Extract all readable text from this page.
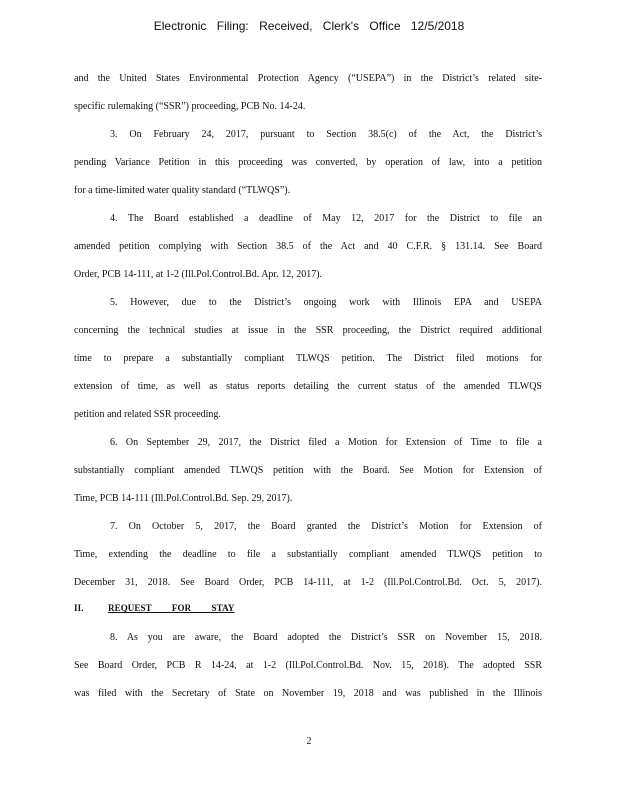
Electronic Filing: Received, Clerk's Office 12/5/2018
and the United States Environmental Protection Agency (“USEPA”) in the District’s related site-
specific rulemaking (“SSR”) proceeding, PCB No. 14-24.
3. On February 24, 2017, pursuant to Section 38.5(c) of the Act, the District’s
pending Variance Petition in this proceeding was converted, by operation of law, into a petition
for a time-limited water quality standard (“TLWQS”).
4. The Board established a deadline of May 12, 2017 for the District to file an
amended petition complying with Section 38.5 of the Act and 40 C.F.R. § 131.14. See Board
Order, PCB 14-111, at 1-2 (Ill.Pol.Control.Bd. Apr. 12, 2017).
5. However, due to the District’s ongoing work with Illinois EPA and USEPA
concerning the technical studies at issue in the SSR proceeding, the District required additional
time to prepare a substantially compliant TLWQS petition. The District filed motions for
extension of time, as well as status reports detailing the current status of the amended TLWQS
petition and related SSR proceeding.
6. On September 29, 2017, the District filed a Motion for Extension of Time to file a
substantially compliant amended TLWQS petition with the Board. See Motion for Extension of
Time, PCB 14-111 (Ill.Pol.Control.Bd. Sep. 29, 2017).
7. On October 5, 2017, the Board granted the District’s Motion for Extension of
Time, extending the deadline to file a substantially compliant amended TLWQS petition to
December 31, 2018. See Board Order, PCB 14-111, at 1-2 (Ill.Pol.Control.Bd. Oct. 5, 2017).
II.	REQUEST FOR STAY
8. As you are aware, the Board adopted the District’s SSR on November 15, 2018.
See Board Order, PCB R 14-24, at 1-2 (Ill.Pol.Control.Bd. Nov. 15, 2018). The adopted SSR
was filed with the Secretary of State on November 19, 2018 and was published in the Illinois
2
